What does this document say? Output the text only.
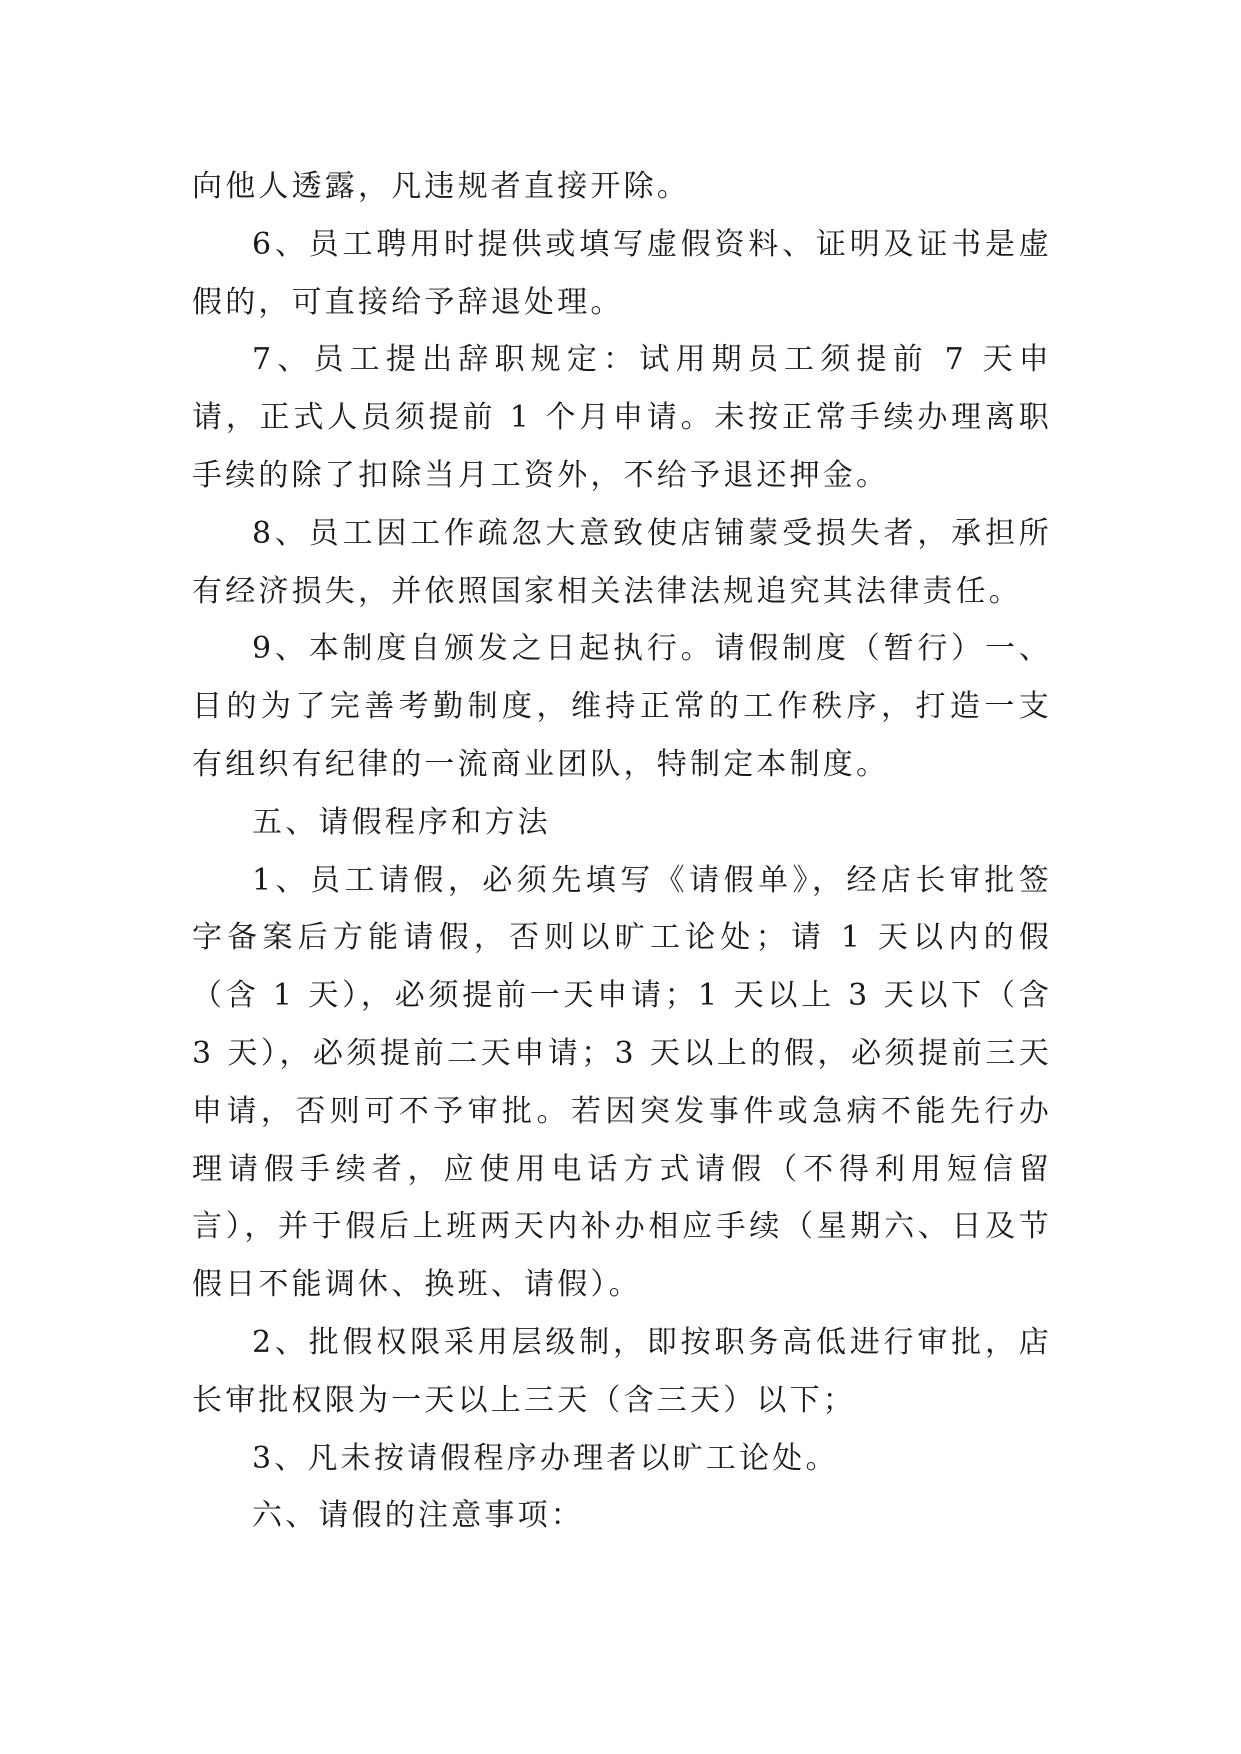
向他人透露，凡违规者直接开除。

6、员工聘用时提供或填写虚假资料、证明及证书是虚假的，可直接给予辞退处理。

7、员工提出辞职规定：试用期员工须提前 7 天申请，正式人员须提前 1 个月申请。未按正常手续办理离职手续的除了扣除当月工资外，不给予退还押金。

8、员工因工作疏忽大意致使店铺蒙受损失者，承担所有经济损失，并依照国家相关法律法规追究其法律责任。

9、本制度自颁发之日起执行。请假制度（暂行）一、目的为了完善考勤制度，维持正常的工作秩序，打造一支有组织有纪律的一流商业团队，特制定本制度。

五、请假程序和方法

1、员工请假，必须先填写《请假单》，经店长审批签字备案后方能请假，否则以旷工论处；请 1 天以内的假（含 1 天），必须提前一天申请；1 天以上 3 天以下（含 3 天），必须提前二天申请；3 天以上的假，必须提前三天申请，否则可不予审批。若因突发事件或急病不能先行办理请假手续者，应使用电话方式请假（不得利用短信留言），并于假后上班两天内补办相应手续（星期六、日及节假日不能调休、换班、请假）。

2、批假权限采用层级制，即按职务高低进行审批，店长审批权限为一天以上三天（含三天）以下；

3、凡未按请假程序办理者以旷工论处。

六、请假的注意事项：
